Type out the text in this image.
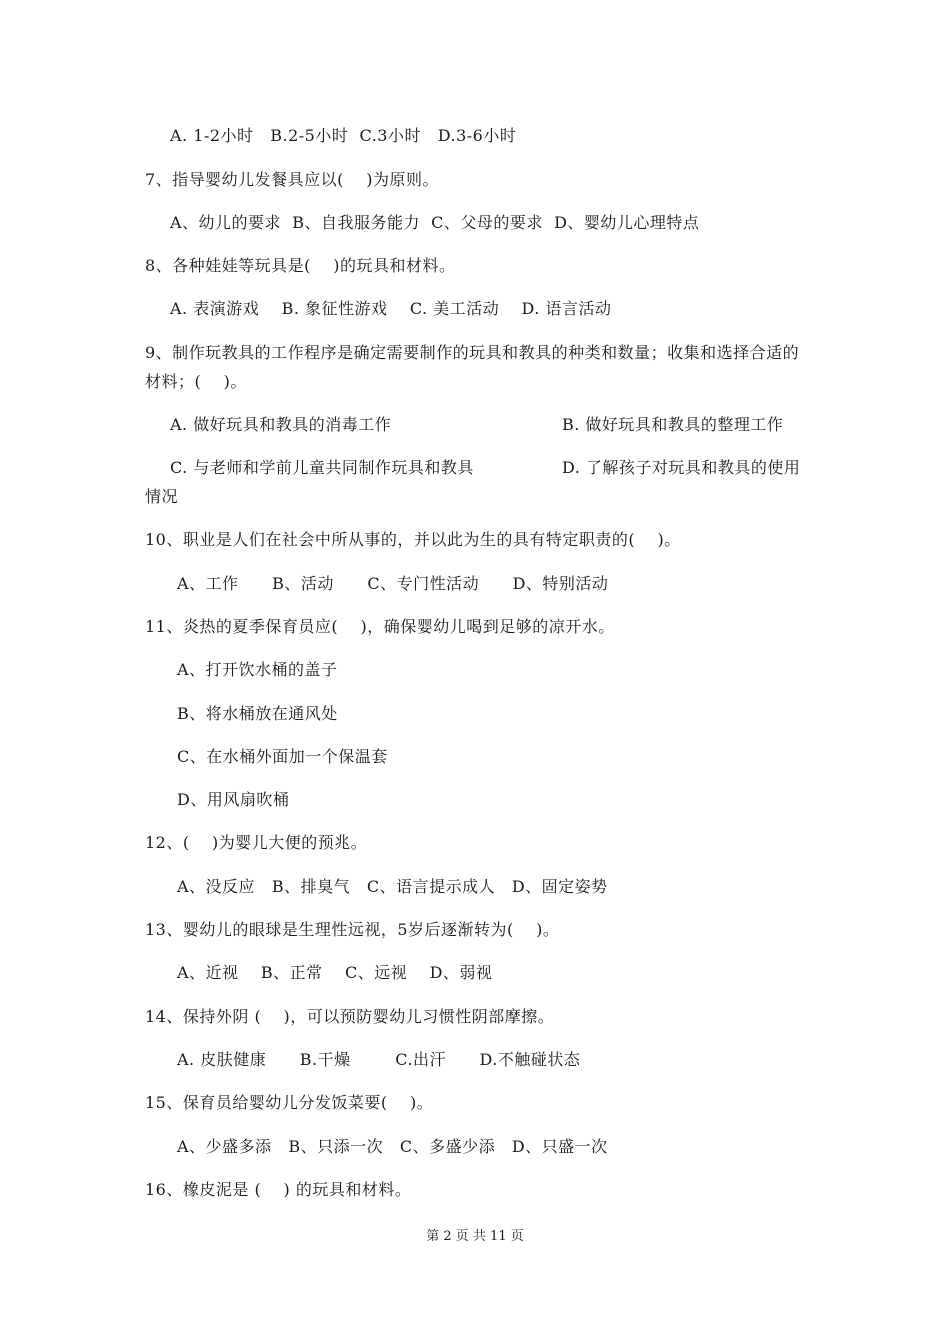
A. 1-2小时   B.2-5小时  C.3小时   D.3-6小时
7、指导婴幼儿发餐具应以(    )为原则。
A、幼儿的要求  B、自我服务能力  C、父母的要求  D、婴幼儿心理特点
8、各种娃娃等玩具是(    )的玩具和材料。
A. 表演游戏    B. 象征性游戏    C. 美工活动    D. 语言活动
9、制作玩教具的工作程序是确定需要制作的玩具和教具的种类和数量；收集和选择合适的
材料；(    )。
A. 做好玩具和教具的消毒工作	B. 做好玩具和教具的整理工作
C. 与老师和学前儿童共同制作玩具和教具	D. 了解孩子对玩具和教具的使用
情况
10、职业是人们在社会中所从事的，并以此为生的具有特定职责的(    )。
A、工作      B、活动      C、专门性活动      D、特别活动
11、炎热的夏季保育员应(    )，确保婴幼儿喝到足够的凉开水。
A、打开饮水桶的盖子
B、将水桶放在通风处
C、在水桶外面加一个保温套
D、用风扇吹桶
12、(    )为婴儿大便的预兆。
A、没反应   B、排臭气   C、语言提示成人   D、固定姿势
13、婴幼儿的眼球是生理性远视，5岁后逐渐转为(    )。
A、近视    B、正常    C、远视    D、弱视
14、保持外阴 (    )，可以预防婴幼儿习惯性阴部摩擦。
A. 皮肤健康      B.干燥        C.出汗      D.不触碰状态
15、保育员给婴幼儿分发饭菜要(    )。
A、少盛多添   B、只添一次   C、多盛少添   D、只盛一次
16、橡皮泥是 (    ) 的玩具和材料。
第 2 页 共 11 页
